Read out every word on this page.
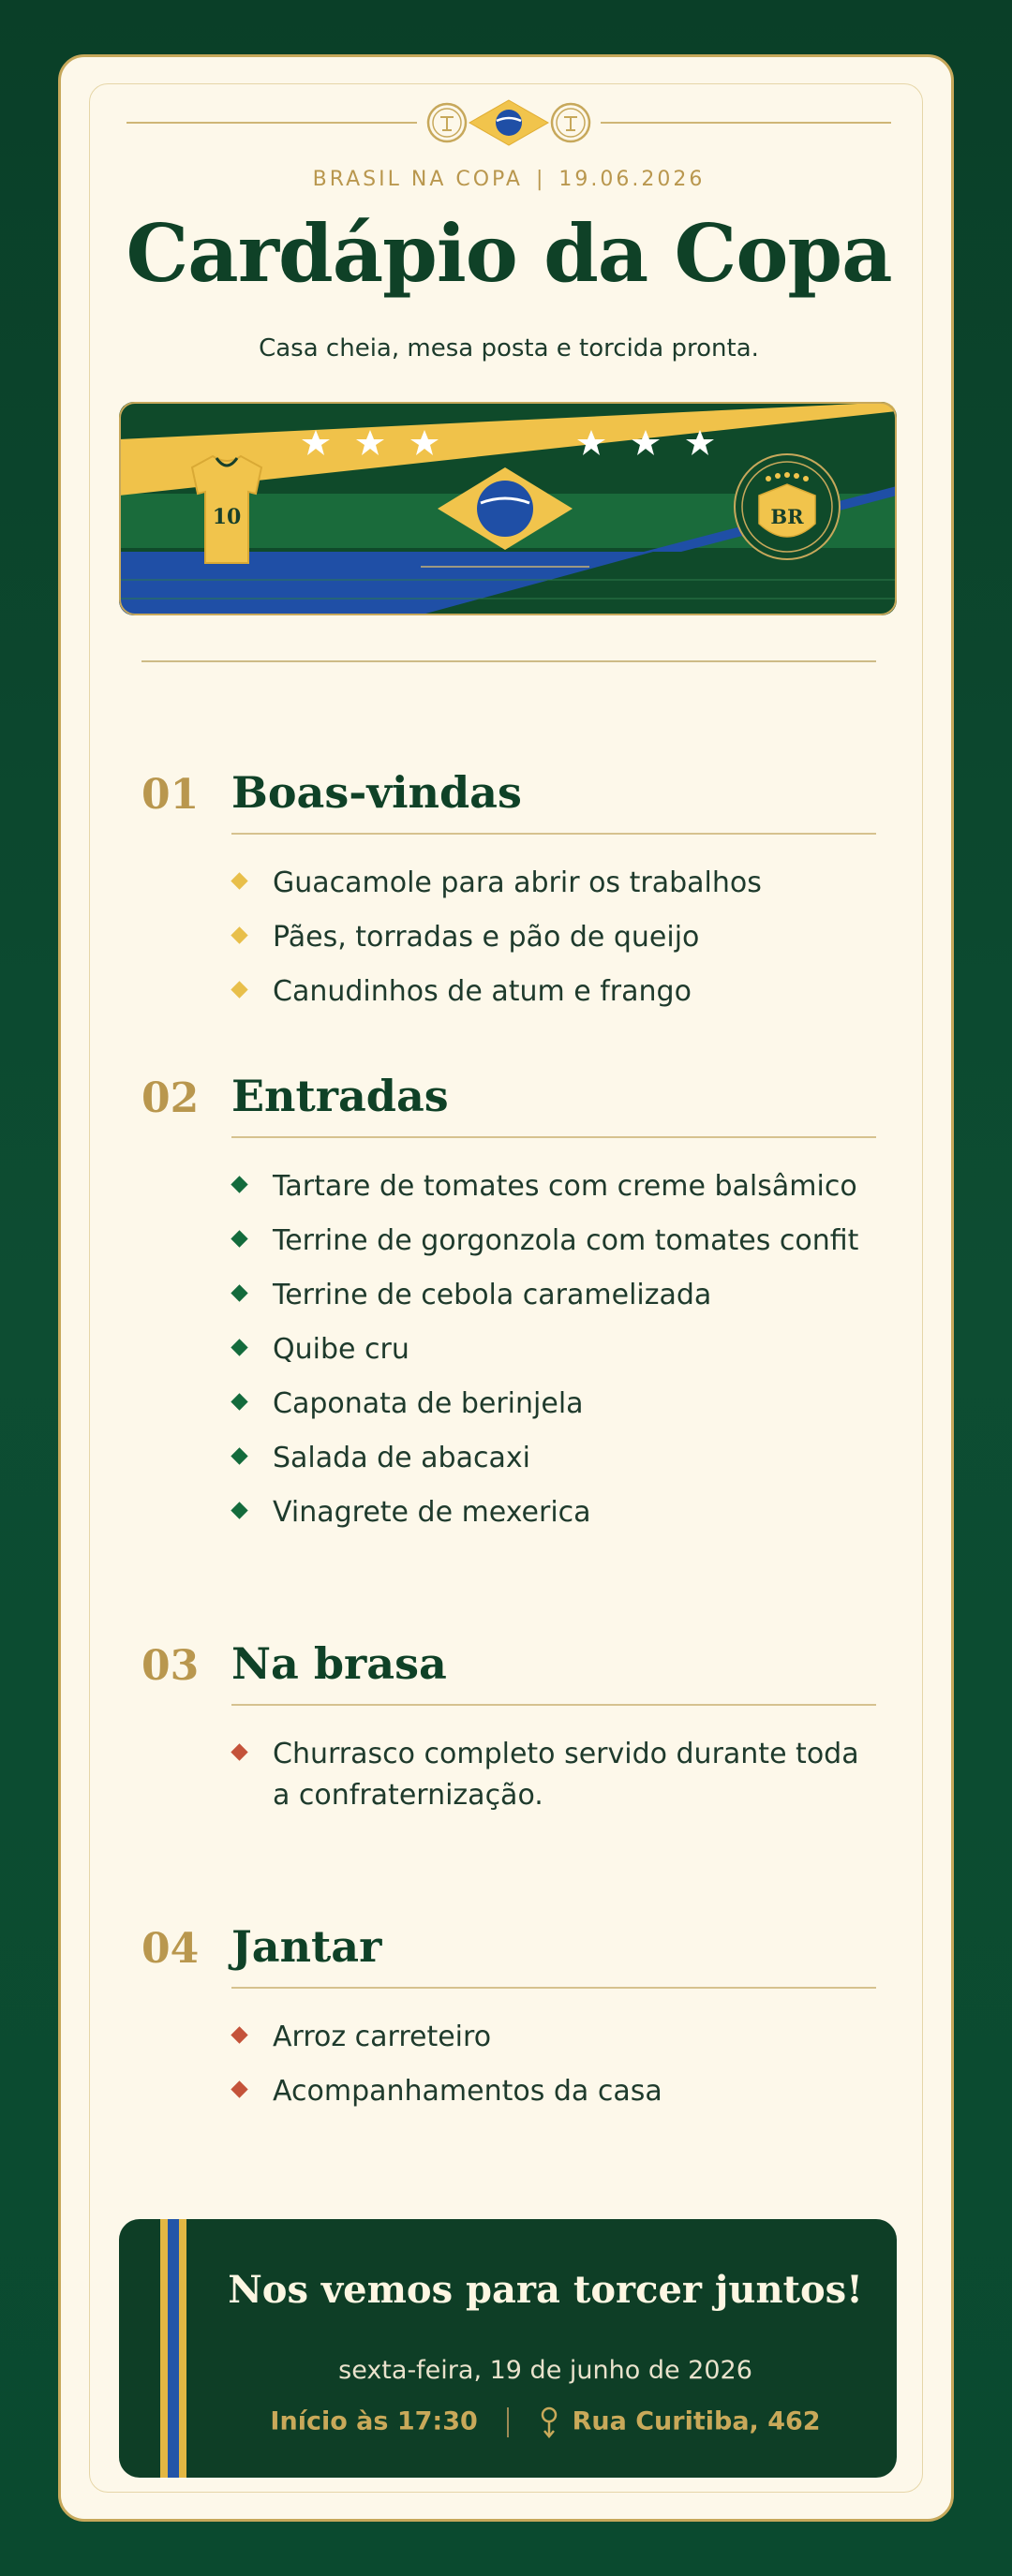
BRASIL NA COPA | 19.06.2026
Cardápio da Copa
Casa cheia, mesa posta e torcida pronta.
10	BR
01 Boas-vindas
Guacamole para abrir os trabalhos
Pães, torradas e pão de queijo
Canudinhos de atum e frango
02 Entradas
Tartare de tomates com creme balsâmico
Terrine de gorgonzola com tomates confit
Terrine de cebola caramelizada
Quibe cru
Caponata de berinjela
Salada de abacaxi
Vinagrete de mexerica
03 Na brasa
Churrasco completo servido durante toda a confraternização.
04 Jantar
Arroz carreteiro
Acompanhamentos da casa
Nos vemos para torcer juntos!
sexta-feira, 19 de junho de 2026
Início às 17:30	Rua Curitiba, 462
